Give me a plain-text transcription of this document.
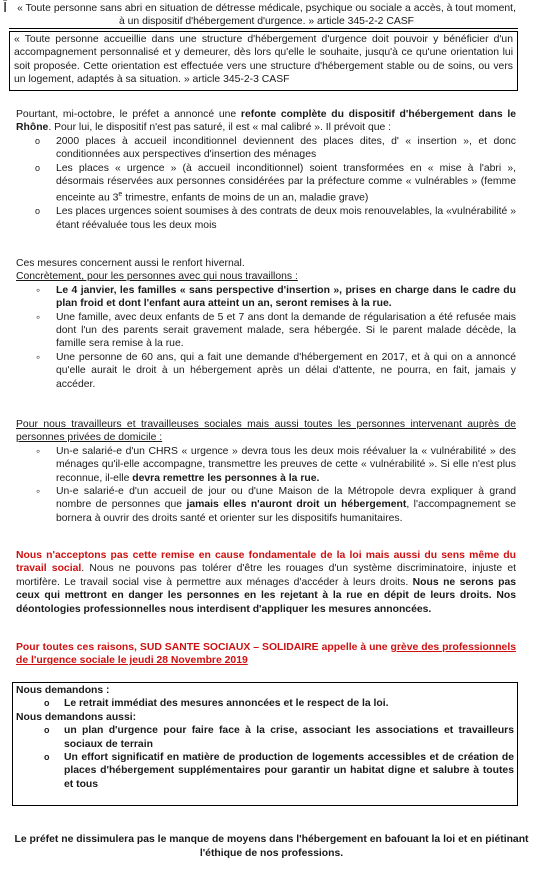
Ī « Toute personne sans abri en situation de détresse médicale, psychique ou sociale a accès, à tout moment, à un dispositif d'hébergement d'urgence. » article 345-2-2 CASF
« Toute personne accueillie dans une structure d'hébergement d'urgence doit pouvoir y bénéficier d'un accompagnement personnalisé et y demeurer, dès lors qu'elle le souhaite, jusqu'à ce qu'une orientation lui soit proposée. Cette orientation est effectuée vers une structure d'hébergement stable ou de soins, ou vers un logement, adaptés à sa situation. » article 345-2-3 CASF
Pourtant, mi-octobre, le préfet a annoncé une refonte complète du dispositif d'hébergement dans le Rhône. Pour lui, le dispositif n'est pas saturé, il est « mal calibré ». Il prévoit que :
o 2000 places à accueil inconditionnel deviennent des places dites, d' « insertion », et donc conditionnées aux perspectives d'insertion des ménages
o Les places « urgence » (à accueil inconditionnel) soient transformées en « mise à l'abri », désormais réservées aux personnes considérées par la préfecture comme « vulnérables » (femme enceinte au 3e trimestre, enfants de moins de un an, maladie grave)
o Les places urgences soient soumises à des contrats de deux mois renouvelables, la «vulnérabilité » étant réévaluée tous les deux mois
Ces mesures concernent aussi le renfort hivernal.
Concrètement, pour les personnes avec qui nous travaillons :
◦ Le 4 janvier, les familles « sans perspective d'insertion », prises en charge dans le cadre du plan froid et dont l'enfant aura atteint un an, seront remises à la rue.
◦ Une famille, avec deux enfants de 5 et 7 ans dont la demande de régularisation a été refusée mais dont l'un des parents serait gravement malade, sera hébergée. Si le parent malade décède, la famille sera remise à la rue.
◦ Une personne de 60 ans, qui a fait une demande d'hébergement en 2017, et à qui on a annoncé qu'elle aurait le droit à un hébergement après un délai d'attente, ne pourra, en fait, jamais y accéder.
Pour nous travailleurs et travailleuses sociales mais aussi toutes les personnes intervenant auprès de personnes privées de domicile :
◦ Un-e salarié-e d'un CHRS « urgence » devra tous les deux mois réévaluer la « vulnérabilité » des ménages qu'il-elle accompagne, transmettre les preuves de cette « vulnérabilité ». Si elle n'est plus reconnue, il-elle devra remettre les personnes à la rue.
◦ Un-e salarié-e d'un accueil de jour ou d'une Maison de la Métropole devra expliquer à grand nombre de personnes que jamais elles n'auront droit un hébergement, l'accompagnement se bornera à ouvrir des droits santé et orienter sur les dispositifs humanitaires.
Nous n'acceptons pas cette remise en cause fondamentale de la loi mais aussi du sens même du travail social. Nous ne pouvons pas tolérer d'être les rouages d'un système discriminatoire, injuste et mortifère. Le travail social vise à permettre aux ménages d'accéder à leurs droits. Nous ne serons pas ceux qui mettront en danger les personnes en les rejetant à la rue en dépit de leurs droits. Nos déontologies professionnelles nous interdisent d'appliquer les mesures annoncées.
Pour toutes ces raisons, SUD SANTE SOCIAUX – SOLIDAIRE appelle à une grève des professionnels de l'urgence sociale le jeudi 28 Novembre 2019
Nous demandons :
o Le retrait immédiat des mesures annoncées et le respect de la loi.
Nous demandons aussi:
o un plan d'urgence pour faire face à la crise, associant les associations et travailleurs sociaux de terrain
o Un effort significatif en matière de production de logements accessibles et de création de places d'hébergement supplémentaires pour garantir un habitat digne et salubre à toutes et tous
Le préfet ne dissimulera pas le manque de moyens dans l'hébergement en bafouant la loi et en piétinant l'éthique de nos professions.
